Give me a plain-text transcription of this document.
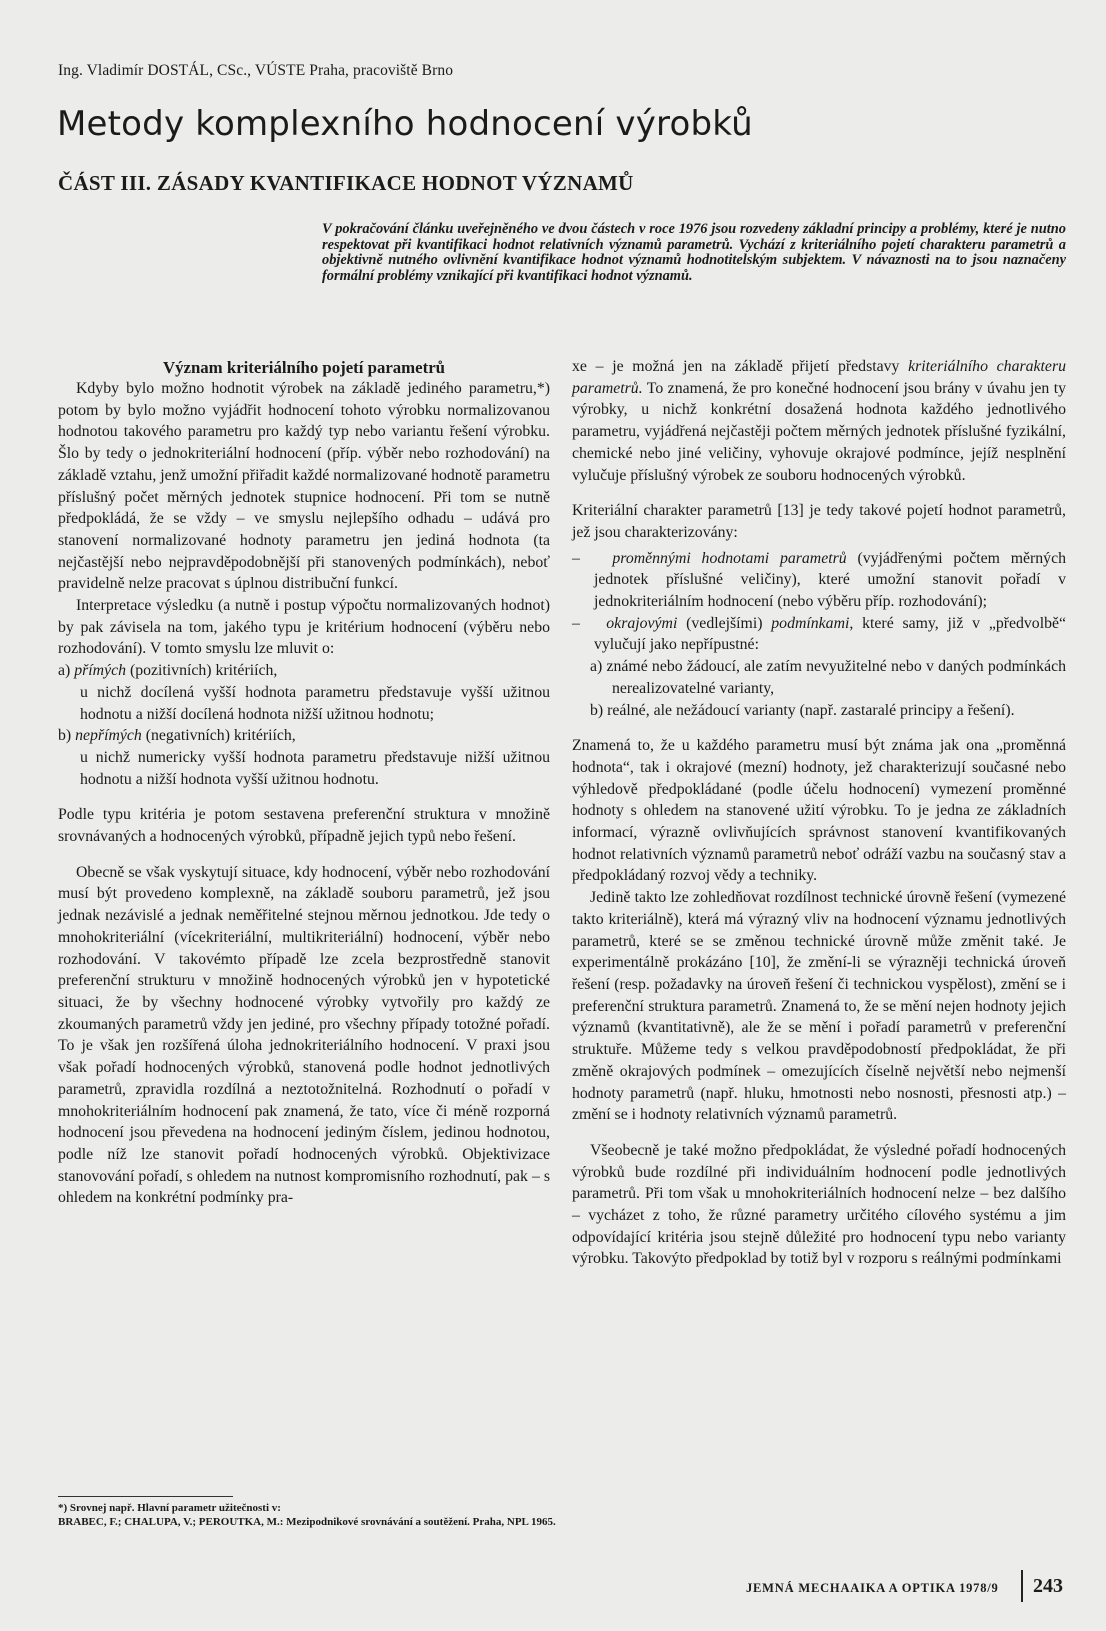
Ing. Vladimír DOSTÁL, CSc., VÚSTE Praha, pracoviště Brno
Metody komplexního hodnocení výrobků
ČÁST III. ZÁSADY KVANTIFIKACE HODNOT VÝZNAMŮ
V pokračování článku uveřejněného ve dvou částech v roce 1976 jsou rozvedeny základní principy a problémy, které je nutno respektovat při kvantifikaci hodnot relativních významů parametrů. Vychází z kriteriálního pojetí charakteru parametrů a objektivně nutného ovlivnění kvantifikace hodnot významů hodnotitelským subjektem. V návaznosti na to jsou naznačeny formální problémy vznikající při kvantifikaci hodnot významů.

Význam kriteriálního pojetí parametrů

Kdyby bylo možno hodnotit výrobek na základě jediného parametru,*) potom by bylo možno vyjádřit hodnocení tohoto výrobku normalizovanou hodnotou takového parametru pro každý typ nebo variantu řešení výrobku. Šlo by tedy o jednokriteriální hodnocení (příp. výběr nebo rozhodování) na základě vztahu, jenž umožní přiřadit každé normalizované hodnotě parametru příslušný počet měrných jednotek stupnice hodnocení. Při tom se nutně předpokládá, že se vždy – ve smyslu nejlepšího odhadu – udává pro stanovení normalizované hodnoty parametru jen jediná hodnota (ta nejčastější nebo nejpravděpodobnější při stanovených podmínkách), neboť pravidelně nelze pracovat s úplnou distribuční funkcí.

Interpretace výsledku (a nutně i postup výpočtu normalizovaných hodnot) by pak závisela na tom, jakého typu je kritérium hodnocení (výběru nebo rozhodování). V tomto smyslu lze mluvit o:

a) přímých (pozitivních) kritériích,

u nichž docílená vyšší hodnota parametru představuje vyšší užitnou hodnotu a nižší docílená hodnota nižší užitnou hodnotu;

b) nepřímých (negativních) kritériích,

u nichž numericky vyšší hodnota parametru představuje nižší užitnou hodnotu a nižší hodnota vyšší užitnou hodnotu.

Podle typu kritéria je potom sestavena preferenční struktura v množině srovnávaných a hodnocených výrobků, případně jejich typů nebo řešení.

Obecně se však vyskytují situace, kdy hodnocení, výběr nebo rozhodování musí být provedeno komplexně, na základě souboru parametrů, jež jsou jednak nezávislé a jednak neměřitelné stejnou měrnou jednotkou. Jde tedy o mnohokriteriální (vícekriteriální, multikriteriální) hodnocení, výběr nebo rozhodování. V takovémto případě lze zcela bezprostředně stanovit preferenční strukturu v množině hodnocených výrobků jen v hypotetické situaci, že by všechny hodnocené výrobky vytvořily pro každý ze zkoumaných parametrů vždy jen jediné, pro všechny případy totožné pořadí. To je však jen rozšířená úloha jednokriteriálního hodnocení. V praxi jsou však pořadí hodnocených výrobků, stanovená podle hodnot jednotlivých parametrů, zpravidla rozdílná a neztotožnitelná. Rozhodnutí o pořadí v mnohokriteriálním hodnocení pak znamená, že tato, více či méně rozporná hodnocení jsou převedena na hodnocení jediným číslem, jedinou hodnotou, podle níž lze stanovit pořadí hodnocených výrobků. Objektivizace stanovování pořadí, s ohledem na nutnost kompromisního rozhodnutí, pak – s ohledem na konkrétní podmínky pra-

xe – je možná jen na základě přijetí představy kriteriálního charakteru parametrů. To znamená, že pro konečné hodnocení jsou brány v úvahu jen ty výrobky, u nichž konkrétní dosažená hodnota každého jednotlivého parametru, vyjádřená nejčastěji počtem měrných jednotek příslušné fyzikální, chemické nebo jiné veličiny, vyhovuje okrajové podmínce, jejíž nesplnění vylučuje příslušný výrobek ze souboru hodnocených výrobků.

Kriteriální charakter parametrů [13] je tedy takové pojetí hodnot parametrů, jež jsou charakterizovány:

–   proměnnými hodnotami parametrů (vyjádřenými počtem měrných jednotek příslušné veličiny), které umožní stanovit pořadí v jednokriteriálním hodnocení (nebo výběru příp. rozhodování);

–   okrajovými (vedlejšími) podmínkami, které samy, již v „předvolbě“ vylučují jako nepřípustné:

a) známé nebo žádoucí, ale zatím nevyužitelné nebo v daných podmínkách nerealizovatelné varianty,

b) reálné, ale nežádoucí varianty (např. zastaralé principy a řešení).

Znamená to, že u každého parametru musí být známa jak ona „proměnná hodnota“, tak i okrajové (mezní) hodnoty, jež charakterizují současné nebo výhledově předpokládané (podle účelu hodnocení) vymezení proměnné hodnoty s ohledem na stanovené užití výrobku. To je jedna ze základních informací, výrazně ovlivňujících správnost stanovení kvantifikovaných hodnot relativních významů parametrů neboť odráží vazbu na současný stav a předpokládaný rozvoj vědy a techniky.

Jedině takto lze zohledňovat rozdílnost technické úrovně řešení (vymezené takto kriteriálně), která má výrazný vliv na hodnocení významu jednotlivých parametrů, které se se změnou technické úrovně může změnit také. Je experimentálně prokázáno [10], že změní-li se výrazněji technická úroveň řešení (resp. požadavky na úroveň řešení či technickou vyspělost), změní se i preferenční struktura parametrů. Znamená to, že se mění nejen hodnoty jejich významů (kvantitativně), ale že se mění i pořadí parametrů v preferenční struktuře. Můžeme tedy s velkou pravděpodobností předpokládat, že při změně okrajových podmínek – omezujících číselně největší nebo nejmenší hodnoty parametrů (např. hluku, hmotnosti nebo nosnosti, přesnosti atp.) – změní se i hodnoty relativních významů parametrů.

Všeobecně je také možno předpokládat, že výsledné pořadí hodnocených výrobků bude rozdílné při individuálním hodnocení podle jednotlivých parametrů. Při tom však u mnohokriteriálních hodnocení nelze – bez dalšího – vycházet z toho, že různé parametry určitého cílového systému a jim odpovídající kritéria jsou stejně důležité pro hodnocení typu nebo varianty výrobku. Takovýto předpoklad by totiž byl v rozporu s reálnými podmínkami

*) Srovnej např. Hlavní parametr užitečnosti v:
BRABEC, F.; CHALUPA, V.; PEROUTKA, M.: Mezipodnikové srovnávání a soutěžení. Praha, NPL 1965.
JEMNÁ MECHAAIKA A OPTIKA 1978/9 243
